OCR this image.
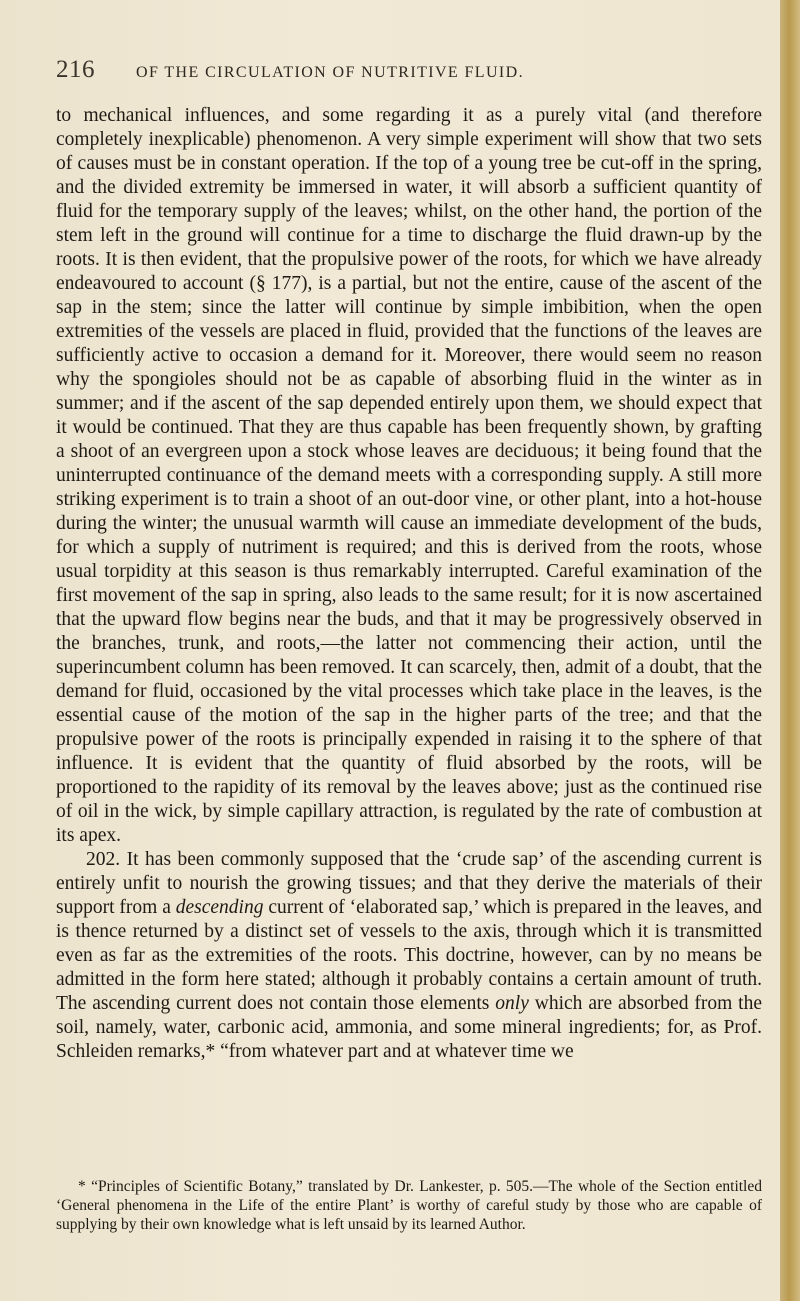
216	OF THE CIRCULATION OF NUTRITIVE FLUID.

to mechanical influences, and some regarding it as a purely vital (and therefore completely inexplicable) phenomenon. A very simple experiment will show that two sets of causes must be in constant operation. If the top of a young tree be cut-off in the spring, and the divided extremity be immersed in water, it will absorb a sufficient quantity of fluid for the temporary supply of the leaves; whilst, on the other hand, the portion of the stem left in the ground will continue for a time to discharge the fluid drawn-up by the roots. It is then evident, that the propulsive power of the roots, for which we have already endeavoured to account (§ 177), is a partial, but not the entire, cause of the ascent of the sap in the stem; since the latter will continue by simple imbibition, when the open extremities of the vessels are placed in fluid, provided that the functions of the leaves are sufficiently active to occasion a demand for it. Moreover, there would seem no reason why the spongioles should not be as capable of absorbing fluid in the winter as in summer; and if the ascent of the sap depended entirely upon them, we should expect that it would be continued. That they are thus capable has been frequently shown, by grafting a shoot of an evergreen upon a stock whose leaves are deciduous; it being found that the uninterrupted continuance of the demand meets with a corresponding supply. A still more striking experiment is to train a shoot of an out-door vine, or other plant, into a hot-house during the winter; the unusual warmth will cause an immediate development of the buds, for which a supply of nutriment is required; and this is derived from the roots, whose usual torpidity at this season is thus remarkably interrupted. Careful examination of the first movement of the sap in spring, also leads to the same result; for it is now ascertained that the upward flow begins near the buds, and that it may be progressively observed in the branches, trunk, and roots,—the latter not commencing their action, until the superincumbent column has been removed. It can scarcely, then, admit of a doubt, that the demand for fluid, occasioned by the vital processes which take place in the leaves, is the essential cause of the motion of the sap in the higher parts of the tree; and that the propulsive power of the roots is principally expended in raising it to the sphere of that influence. It is evident that the quantity of fluid absorbed by the roots, will be proportioned to the rapidity of its removal by the leaves above; just as the continued rise of oil in the wick, by simple capillary attraction, is regulated by the rate of combustion at its apex.

202. It has been commonly supposed that the ‘crude sap’ of the ascending current is entirely unfit to nourish the growing tissues; and that they derive the materials of their support from a descending current of ‘elaborated sap,’ which is prepared in the leaves, and is thence returned by a distinct set of vessels to the axis, through which it is transmitted even as far as the extremities of the roots. This doctrine, however, can by no means be admitted in the form here stated; although it probably contains a certain amount of truth. The ascending current does not contain those elements only which are absorbed from the soil, namely, water, carbonic acid, ammonia, and some mineral ingredients; for, as Prof. Schleiden remarks,* “from whatever part and at whatever time we

* “Principles of Scientific Botany,” translated by Dr. Lankester, p. 505.—The whole of the Section entitled ‘General phenomena in the Life of the entire Plant’ is worthy of careful study by those who are capable of supplying by their own knowledge what is left unsaid by its learned Author.
